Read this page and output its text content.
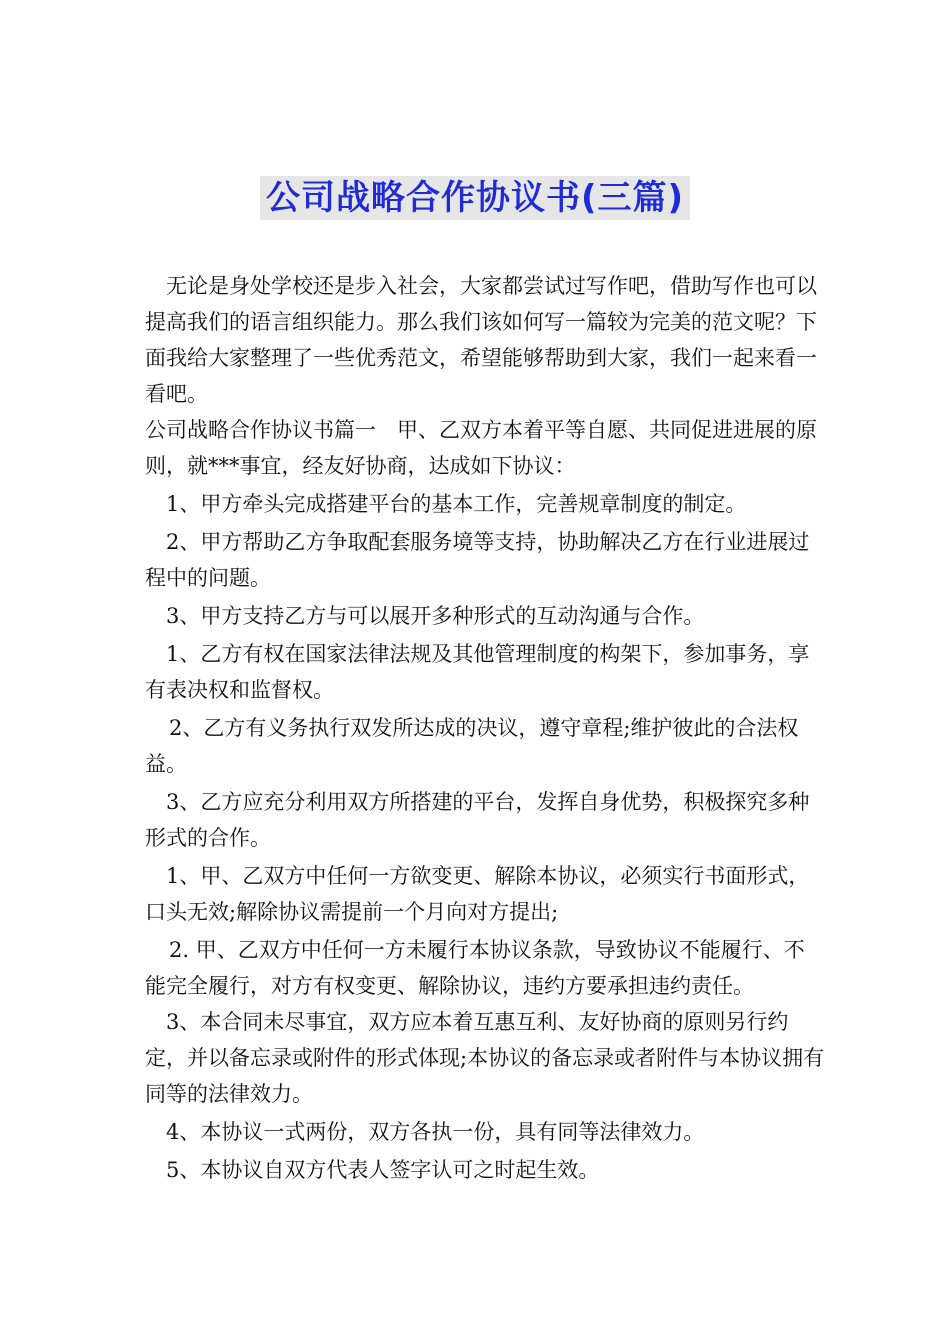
公司战略合作协议书(三篇)

无论是身处学校还是步入社会，大家都尝试过写作吧，借助写作也可以提高我们的语言组织能力。那么我们该如何写一篇较为完美的范文呢？下面我给大家整理了一些优秀范文，希望能够帮助到大家，我们一起来看一看吧。

公司战略合作协议书篇一　甲、乙双方本着平等自愿、共同促进进展的原则，就***事宜，经友好协商，达成如下协议：

1、甲方牵头完成搭建平台的基本工作，完善规章制度的制定。

2、甲方帮助乙方争取配套服务境等支持，协助解决乙方在行业进展过程中的问题。

3、甲方支持乙方与可以展开多种形式的互动沟通与合作。

1、乙方有权在国家法律法规及其他管理制度的构架下，参加事务，享有表决权和监督权。

2、乙方有义务执行双发所达成的决议，遵守章程;维护彼此的合法权益。

3、乙方应充分利用双方所搭建的平台，发挥自身优势，积极探究多种形式的合作。

1、甲、乙双方中任何一方欲变更、解除本协议，必须实行书面形式，口头无效;解除协议需提前一个月向对方提出;

2. 甲、乙双方中任何一方未履行本协议条款，导致协议不能履行、不能完全履行，对方有权变更、解除协议，违约方要承担违约责任。

3、本合同未尽事宜，双方应本着互惠互利、友好协商的原则另行约定，并以备忘录或附件的形式体现;本协议的备忘录或者附件与本协议拥有同等的法律效力。

4、本协议一式两份，双方各执一份，具有同等法律效力。

5、本协议自双方代表人签字认可之时起生效。
